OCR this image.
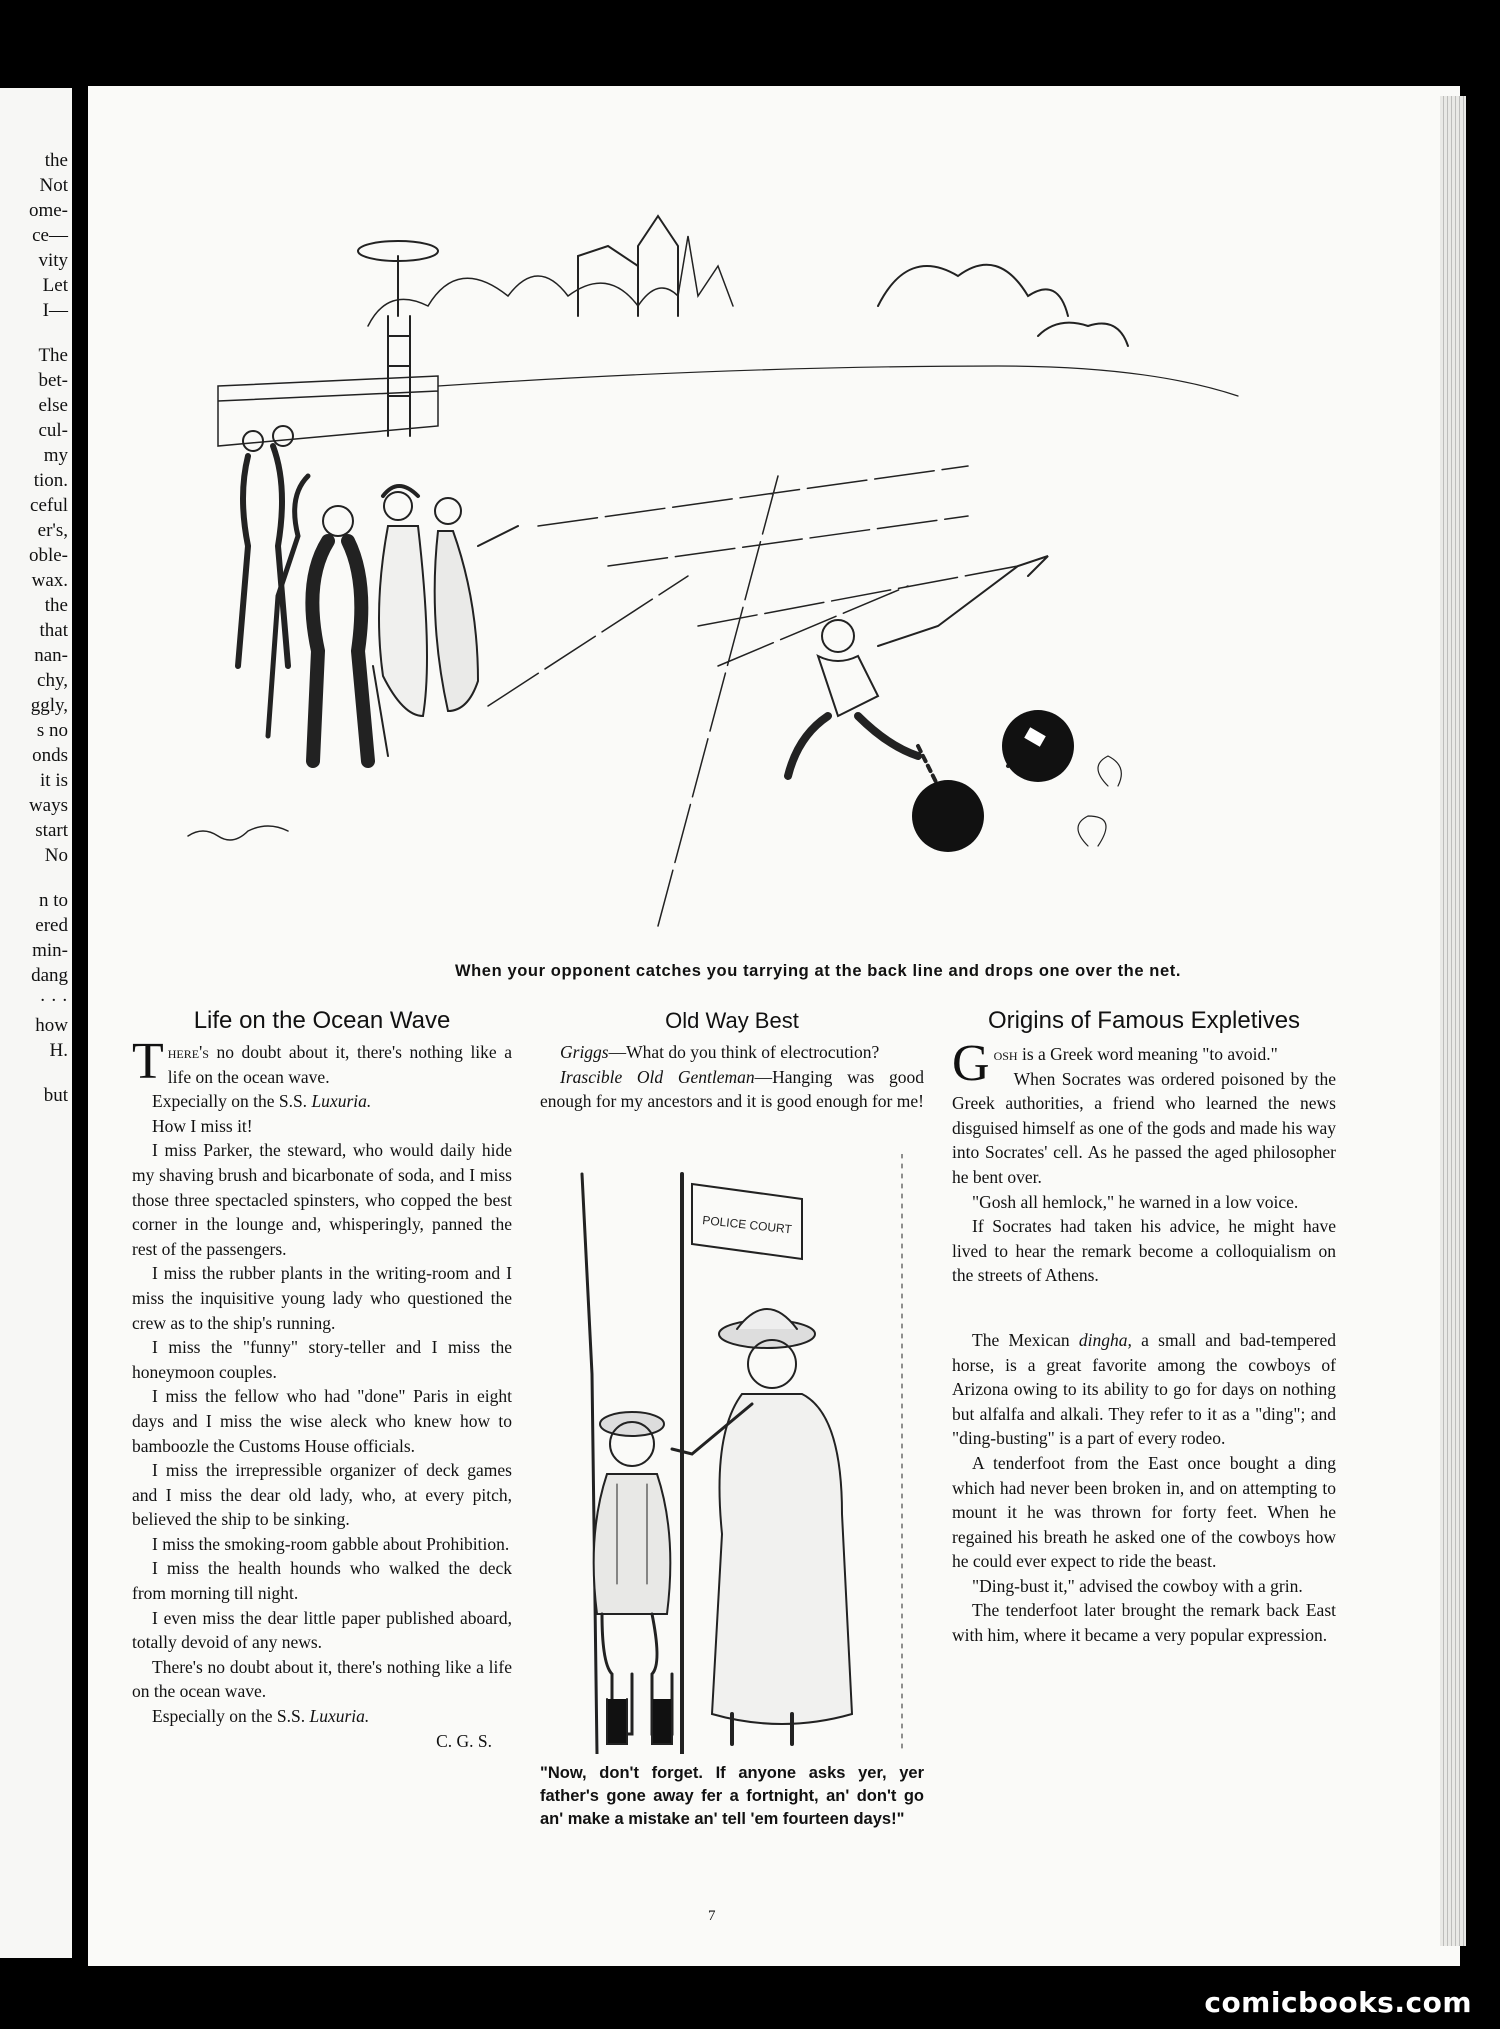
the
Not
ome-
ce—
vity
Let
I—
The
bet-
else
cul-
my
tion.
ceful
er's,
oble-
wax.
the
that
nan-
chy,
ggly,
s no
onds
it is
ways
start
No
n to
ered
min-
dang
· · ·
how
H.
but
When your opponent catches you tarrying at the back line and drops one over the net.
Life on the Ocean Wave

There's no doubt about it, there's nothing like a life on the ocean wave.

Expecially on the S.S. Luxuria.

How I miss it!

I miss Parker, the steward, who would daily hide my shaving brush and bicarbonate of soda, and I miss those three spectacled spinsters, who copped the best corner in the lounge and, whisperingly, panned the rest of the passengers.

I miss the rubber plants in the writing-room and I miss the inquisitive young lady who questioned the crew as to the ship's running.

I miss the "funny" story-teller and I miss the honeymoon couples.

I miss the fellow who had "done" Paris in eight days and I miss the wise aleck who knew how to bamboozle the Customs House officials.

I miss the irrepressible organizer of deck games and I miss the dear old lady, who, at every pitch, believed the ship to be sinking.

I miss the smoking-room gabble about Prohibition.

I miss the health hounds who walked the deck from morning till night.

I even miss the dear little paper published aboard, totally devoid of any news.

There's no doubt about it, there's nothing like a life on the ocean wave.

Especially on the S.S. Luxuria.

C. G. S.

Old Way Best

Griggs—What do you think of electrocution?

Irascible Old Gentleman—Hanging was good enough for my ancestors and it is good enough for me!

POLICE COURT

"Now, don't forget. If anyone asks yer, yer father's gone away fer a fortnight, an' don't go an' make a mistake an' tell 'em fourteen days!"

Origins of Famous Expletives

Gosh is a Greek word meaning "to avoid."

When Socrates was ordered poisoned by the Greek authorities, a friend who learned the news disguised himself as one of the gods and made his way into Socrates' cell. As he passed the aged philosopher he bent over.

"Gosh all hemlock," he warned in a low voice.

If Socrates had taken his advice, he might have lived to hear the remark become a colloquialism on the streets of Athens.

The Mexican dingha, a small and bad-tempered horse, is a great favorite among the cowboys of Arizona owing to its ability to go for days on nothing but alfalfa and alkali. They refer to it as a "ding"; and "ding-busting" is a part of every rodeo.

A tenderfoot from the East once bought a ding which had never been broken in, and on attempting to mount it he was thrown for forty feet. When he regained his breath he asked one of the cowboys how he could ever expect to ride the beast.

"Ding-bust it," advised the cowboy with a grin.

The tenderfoot later brought the remark back East with him, where it became a very popular expression.

7
comicbooks.com
